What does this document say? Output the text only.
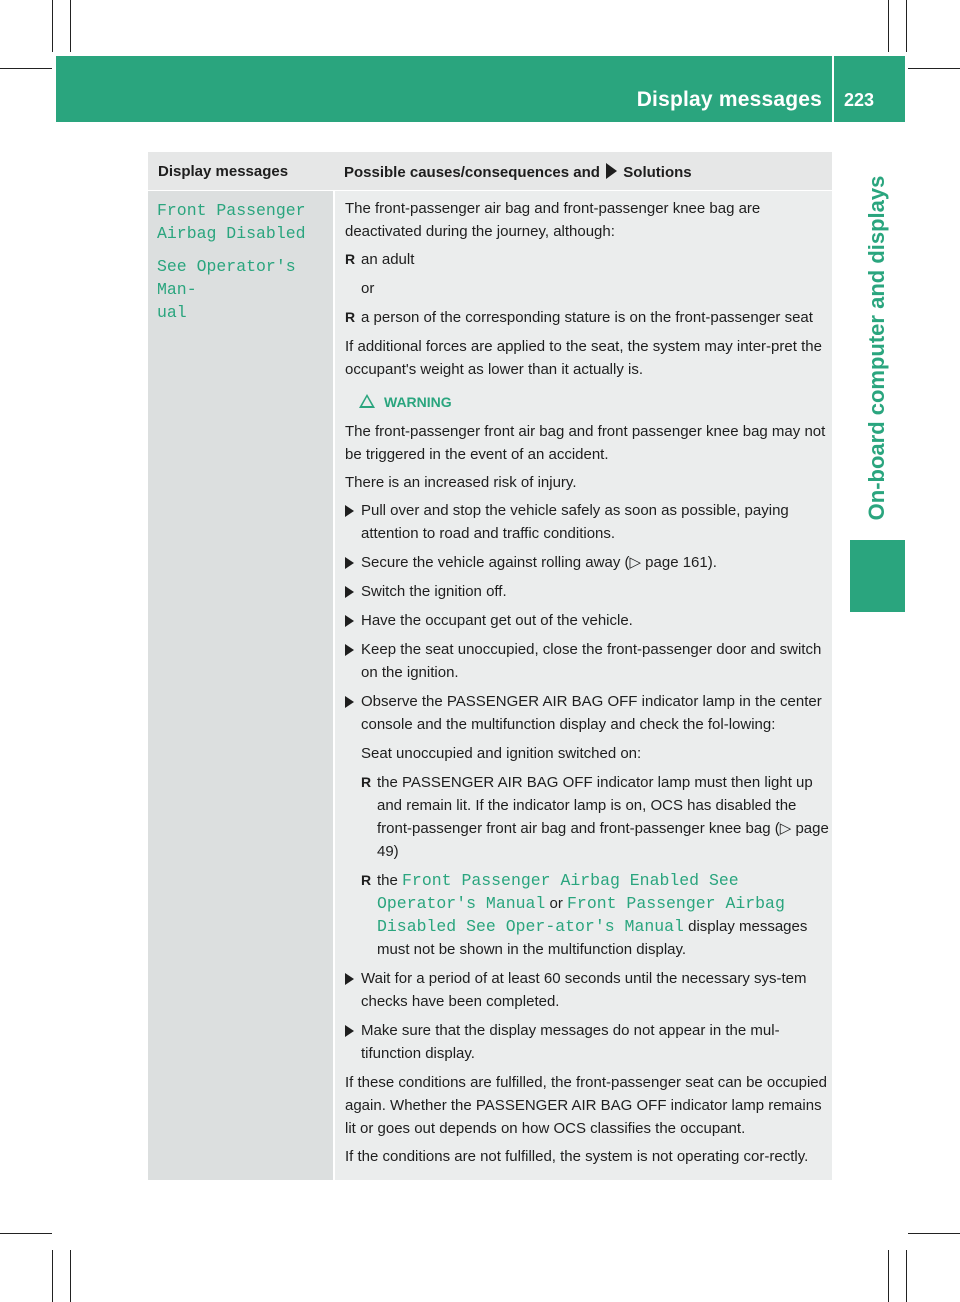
Display messages 223
On-board computer and displays
Display messages	Possible causes/consequences and Solutions
Front Passenger
Airbag Disabled
See Operator's Man‐
ual

The front-passenger air bag and front-passenger knee bag are deactivated during the journey, although:

R an adult
or
R a person of the corresponding stature is on the front-passenger seat

If additional forces are applied to the seat, the system may inter-pret the occupant's weight as lower than it actually is.

WARNING

The front-passenger front air bag and front passenger knee bag may not be triggered in the event of an accident.

There is an increased risk of injury.

Pull over and stop the vehicle safely as soon as possible, paying attention to road and traffic conditions.
Secure the vehicle against rolling away (▷ page 161).
Switch the ignition off.
Have the occupant get out of the vehicle.
Keep the seat unoccupied, close the front-passenger door and switch on the ignition.
Observe the PASSENGER AIR BAG OFF indicator lamp in the center console and the multifunction display and check the fol-lowing:
Seat unoccupied and ignition switched on:
R the PASSENGER AIR BAG OFF indicator lamp must then light up and remain lit. If the indicator lamp is on, OCS has disabled the front-passenger front air bag and front-passenger knee bag (▷ page 49)
R the Front Passenger Airbag Enabled See Operator's Manual or Front Passenger Airbag Disabled See Oper‐ator's Manual display messages must not be shown in the multifunction display.
Wait for a period of at least 60 seconds until the necessary sys-tem checks have been completed.
Make sure that the display messages do not appear in the mul-tifunction display.

If these conditions are fulfilled, the front-passenger seat can be occupied again. Whether the PASSENGER AIR BAG OFF indicator lamp remains lit or goes out depends on how OCS classifies the occupant.

If the conditions are not fulfilled, the system is not operating cor-rectly.
